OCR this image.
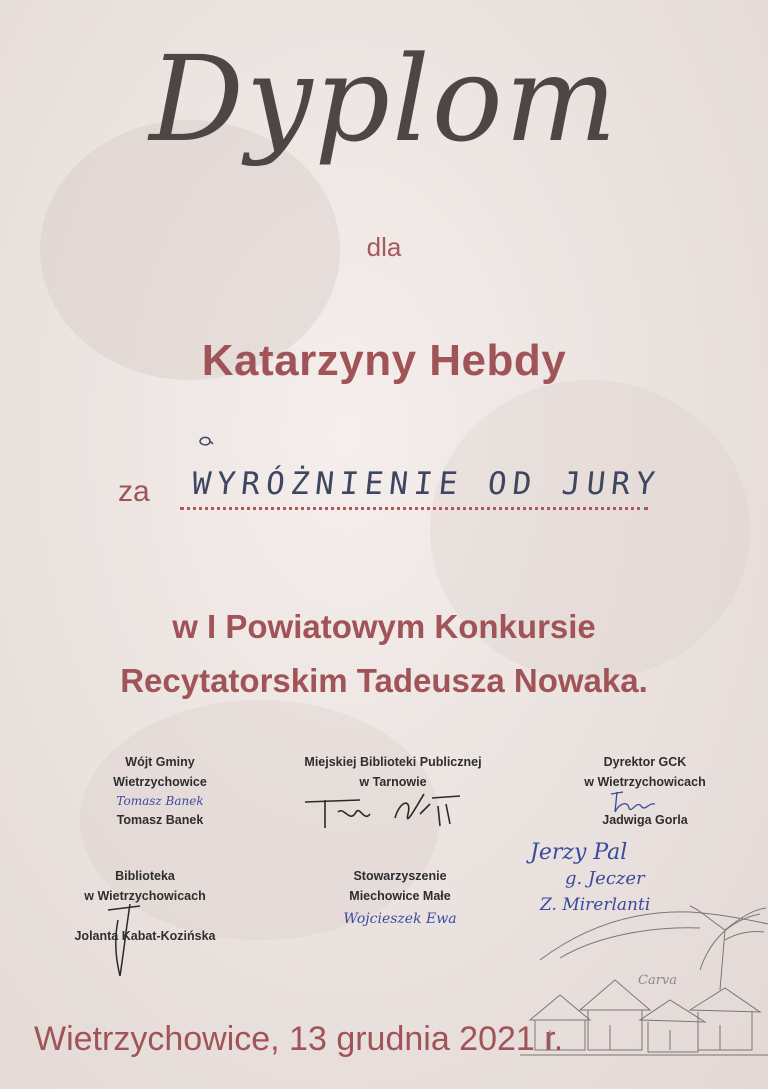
Dyplom

dla

Katarzyny Hebdy

za WYRÓŻNIENIE OD JURY

w I Powiatowym Konkursie
Recytatorskim Tadeusza Nowaka.

Wójt Gminy
Wietrzychowice
Tomasz Banek
Tomasz Banek
Miejskiej Biblioteki Publicznej
w Tarnowie
Dyrektor GCK
w Wietrzychowicach
Jadwiga Gorla
Biblioteka
w Wietrzychowicach
Jolanta Kabat-Kozińska
Stowarzyszenie
Miechowice Małe
Wojcieszek Ewa
Jerzy Pal
g. Jeczer
Z. Mirerlanti
Carva

Wietrzychowice, 13 grudnia 2021 r.
